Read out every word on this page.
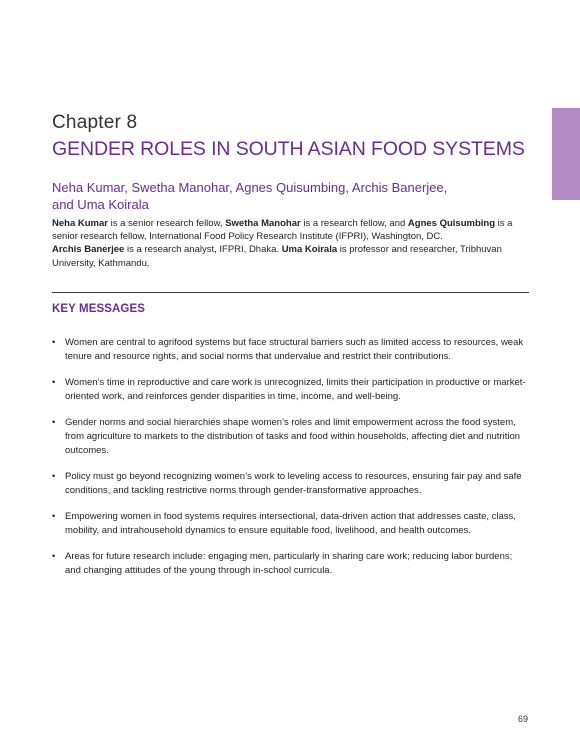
Chapter 8
GENDER ROLES IN SOUTH ASIAN FOOD SYSTEMS
Neha Kumar, Swetha Manohar, Agnes Quisumbing, Archis Banerjee,
and Uma Koirala
Neha Kumar is a senior research fellow, Swetha Manohar is a research fellow, and Agnes Quisumbing is a senior research fellow, International Food Policy Research Institute (IFPRI), Washington, DC.
Archis Banerjee is a research analyst, IFPRI, Dhaka. Uma Koirala is professor and researcher, Tribhuvan University, Kathmandu.
KEY MESSAGES
• Women are central to agrifood systems but face structural barriers such as limited access to resources, weak tenure and resource rights, and social norms that undervalue and restrict their contributions.
• Women’s time in reproductive and care work is unrecognized, limits their participation in productive or market-oriented work, and reinforces gender disparities in time, income, and well-being.
• Gender norms and social hierarchies shape women’s roles and limit empowerment across the food system, from agriculture to markets to the distribution of tasks and food within households, affecting diet and nutrition outcomes.
• Policy must go beyond recognizing women’s work to leveling access to resources, ensuring fair pay and safe conditions, and tackling restrictive norms through gender-transformative approaches.
• Empowering women in food systems requires intersectional, data-driven action that addresses caste, class, mobility, and intrahousehold dynamics to ensure equitable food, livelihood, and health outcomes.
• Areas for future research include: engaging men, particularly in sharing care work; reducing labor burdens; and changing attitudes of the young through in-school curricula.
69
